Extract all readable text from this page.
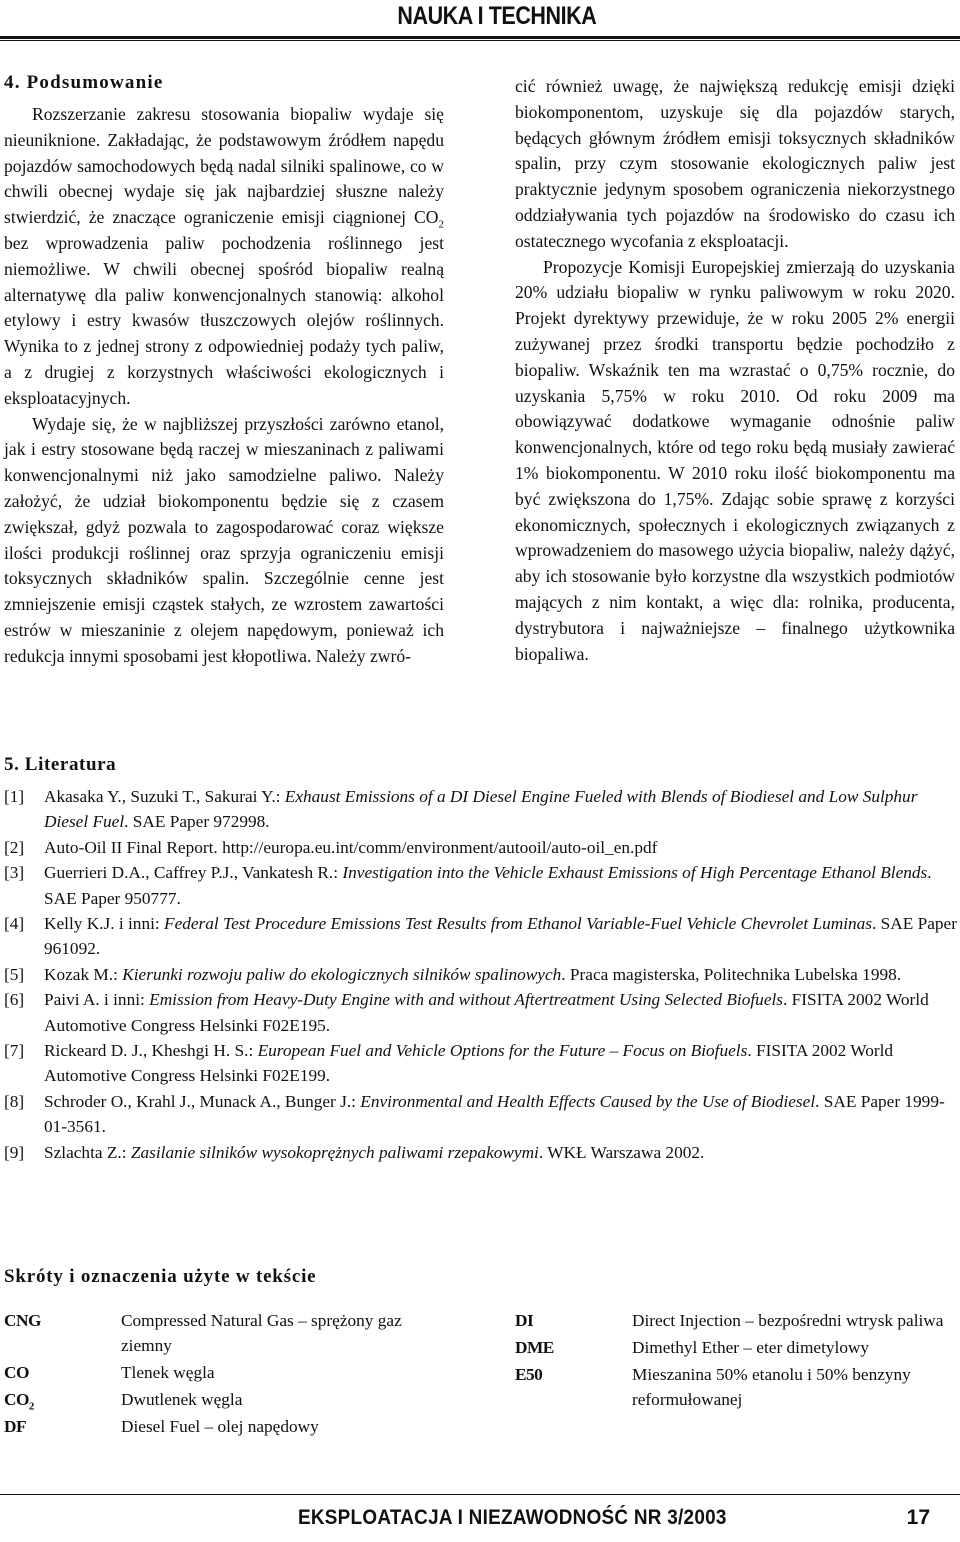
NAUKA I TECHNIKA
4. Podsumowanie

Rozszerzanie zakresu stosowania biopaliw wydaje się nieuniknione. Zakładając, że podstawowym źródłem napędu pojazdów samochodowych będą nadal silniki spalinowe, co w chwili obecnej wydaje się jak najbardziej słuszne należy stwierdzić, że znaczące ograniczenie emisji ciągnionej $CO_2$ bez wprowadzenia paliw pochodzenia roślinnego jest niemożliwe. W chwili obecnej spośród biopaliw realną alternatywę dla paliw konwencjonalnych stanowią: alkohol etylowy i estry kwasów tłuszczowych olejów roślinnych. Wynika to z jednej strony z odpowiedniej podaży tych paliw, a z drugiej z korzystnych właściwości ekologicznych i eksploatacyjnych.

Wydaje się, że w najbliższej przyszłości zarówno etanol, jak i estry stosowane będą raczej w mieszaninach z paliwami konwencjonalnymi niż jako samodzielne paliwo. Należy założyć, że udział biokomponentu będzie się z czasem zwiększał, gdyż pozwala to zagospodarować coraz większe ilości produkcji roślinnej oraz sprzyja ograniczeniu emisji toksycznych składników spalin. Szczególnie cenne jest zmniejszenie emisji cząstek stałych, ze wzrostem zawartości estrów w mieszaninie z olejem napędowym, ponieważ ich redukcja innymi sposobami jest kłopotliwa. Należy zwró-

cić również uwagę, że największą redukcję emisji dzięki biokomponentom, uzyskuje się dla pojazdów starych, będących głównym źródłem emisji toksycznych składników spalin, przy czym stosowanie ekologicznych paliw jest praktycznie jedynym sposobem ograniczenia niekorzystnego oddziaływania tych pojazdów na środowisko do czasu ich ostatecznego wycofania z eksploatacji.

Propozycje Komisji Europejskiej zmierzają do uzyskania 20% udziału biopaliw w rynku paliwowym w roku 2020. Projekt dyrektywy przewiduje, że w roku 2005 2% energii zużywanej przez środki transportu będzie pochodziło z biopaliw. Wskaźnik ten ma wzrastać o 0,75% rocznie, do uzyskania 5,75% w roku 2010. Od roku 2009 ma obowiązywać dodatkowe wymaganie odnośnie paliw konwencjonalnych, które od tego roku będą musiały zawierać 1% biokomponentu. W 2010 roku ilość biokomponentu ma być zwiększona do 1,75%. Zdając sobie sprawę z korzyści ekonomicznych, społecznych i ekologicznych związanych z wprowadzeniem do masowego użycia biopaliw, należy dążyć, aby ich stosowanie było korzystne dla wszystkich podmiotów mających z nim kontakt, a więc dla: rolnika, producenta, dystrybutora i najważniejsze – finalnego użytkownika biopaliwa.

5. Literatura
[1]	Akasaka Y., Suzuki T., Sakurai Y.: Exhaust Emissions of a DI Diesel Engine Fueled with Blends of Biodiesel and Low Sulphur Diesel Fuel. SAE Paper 972998.
[2]	Auto-Oil II Final Report. http://europa.eu.int/comm/environment/autooil/auto-oil_en.pdf
[3]	Guerrieri D.A., Caffrey P.J., Vankatesh R.: Investigation into the Vehicle Exhaust Emissions of High Percentage Ethanol Blends. SAE Paper 950777.
[4]	Kelly K.J. i inni: Federal Test Procedure Emissions Test Results from Ethanol Variable-Fuel Vehicle Chevrolet Luminas. SAE Paper 961092.
[5]	Kozak M.: Kierunki rozwoju paliw do ekologicznych silników spalinowych. Praca magisterska, Politechnika Lubelska 1998.
[6]	Paivi A. i inni: Emission from Heavy-Duty Engine with and without Aftertreatment Using Selected Biofuels. FISITA 2002 World Automotive Congress Helsinki F02E195.
[7]	Rickeard D. J., Kheshgi H. S.: European Fuel and Vehicle Options for the Future – Focus on Biofuels. FISITA 2002 World Automotive Congress Helsinki F02E199.
[8]	Schroder O., Krahl J., Munack A., Bunger J.: Environmental and Health Effects Caused by the Use of Biodiesel. SAE Paper 1999-01-3561.
[9]	Szlachta Z.: Zasilanie silników wysokoprężnych paliwami rzepakowymi. WKŁ Warszawa 2002.
Skróty i oznaczenia użyte w tekście
CNG	Compressed Natural Gas – sprężony gaz ziemny
CO	Tlenek węgla
$CO_2$	Dwutlenek węgla
DF	Diesel Fuel – olej napędowy
DI	Direct Injection – bezpośredni wtrysk paliwa
DME	Dimethyl Ether – eter dimetylowy
E50	Mieszanina 50% etanolu i 50% benzyny reformułowanej
EKSPLOATACJA I NIEZAWODNOŚĆ NR 3/2003	17
